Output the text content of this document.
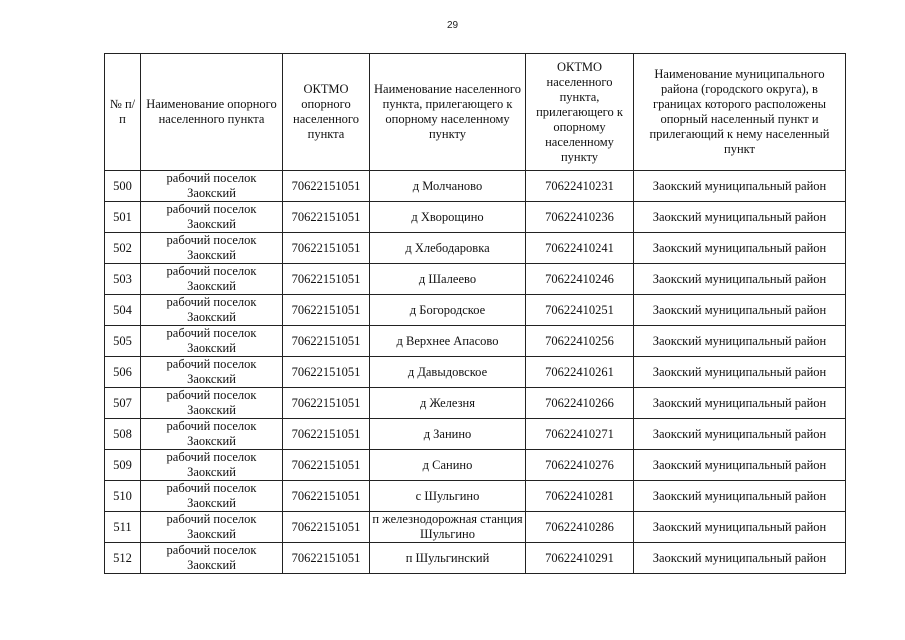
29
№ п/п	Наименование опорного населенного пункта	ОКТМО опорного населенного пункта	Наименование населенного пункта, прилегающего к опорному населенному пункту	ОКТМО населенного пункта, прилегающего к опорному населенному пункту	Наименование муниципального района (городского округа), в границах которого расположены опорный населенный пункт и прилегающий к нему населенный пункт
500	рабочий поселок Заокский	70622151051	д Молчаново	70622410231	Заокский муниципальный район
501	рабочий поселок Заокский	70622151051	д Хворощино	70622410236	Заокский муниципальный район
502	рабочий поселок Заокский	70622151051	д Хлебодаровка	70622410241	Заокский муниципальный район
503	рабочий поселок Заокский	70622151051	д Шалеево	70622410246	Заокский муниципальный район
504	рабочий поселок Заокский	70622151051	д Богородское	70622410251	Заокский муниципальный район
505	рабочий поселок Заокский	70622151051	д Верхнее Апасово	70622410256	Заокский муниципальный район
506	рабочий поселок Заокский	70622151051	д Давыдовское	70622410261	Заокский муниципальный район
507	рабочий поселок Заокский	70622151051	д Железня	70622410266	Заокский муниципальный район
508	рабочий поселок Заокский	70622151051	д Занино	70622410271	Заокский муниципальный район
509	рабочий поселок Заокский	70622151051	д Санино	70622410276	Заокский муниципальный район
510	рабочий поселок Заокский	70622151051	с Шульгино	70622410281	Заокский муниципальный район
511	рабочий поселок Заокский	70622151051	п железнодорожная станция Шульгино	70622410286	Заокский муниципальный район
512	рабочий поселок Заокский	70622151051	п Шульгинский	70622410291	Заокский муниципальный район
